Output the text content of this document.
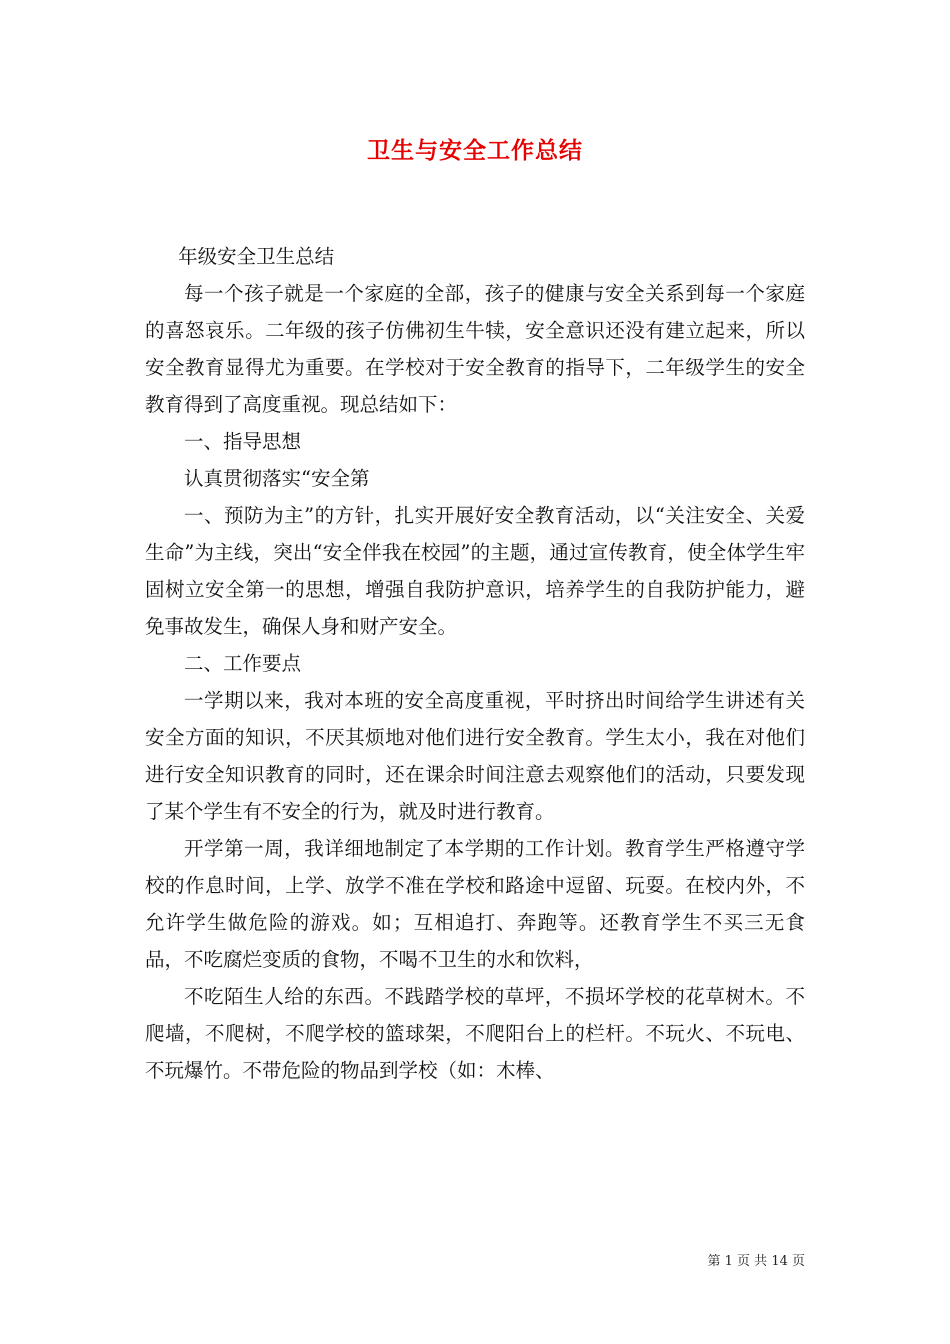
卫生与安全工作总结

年级安全卫生总结

每一个孩子就是一个家庭的全部，孩子的健康与安全关系到每一个家庭的喜怒哀乐。二年级的孩子仿佛初生牛犊，安全意识还没有建立起来，所以安全教育显得尤为重要。在学校对于安全教育的指导下，二年级学生的安全教育得到了高度重视。现总结如下：

一、指导思想

认真贯彻落实“安全第

一、预防为主”的方针，扎实开展好安全教育活动，以“关注安全、关爱生命”为主线，突出“安全伴我在校园”的主题，通过宣传教育，使全体学生牢固树立安全第一的思想，增强自我防护意识，培养学生的自我防护能力，避免事故发生，确保人身和财产安全。

二、工作要点

一学期以来，我对本班的安全高度重视，平时挤出时间给学生讲述有关安全方面的知识，不厌其烦地对他们进行安全教育。学生太小，我在对他们进行安全知识教育的同时，还在课余时间注意去观察他们的活动，只要发现了某个学生有不安全的行为，就及时进行教育。

开学第一周，我详细地制定了本学期的工作计划。教育学生严格遵守学校的作息时间，上学、放学不准在学校和路途中逗留、玩耍。在校内外，不允许学生做危险的游戏。如；互相追打、奔跑等。还教育学生不买三无食品，不吃腐烂变质的食物，不喝不卫生的水和饮料，

不吃陌生人给的东西。不践踏学校的草坪，不损坏学校的花草树木。不爬墙，不爬树，不爬学校的篮球架，不爬阳台上的栏杆。不玩火、不玩电、不玩爆竹。不带危险的物品到学校（如：木棒、

第 1 页 共 14 页
